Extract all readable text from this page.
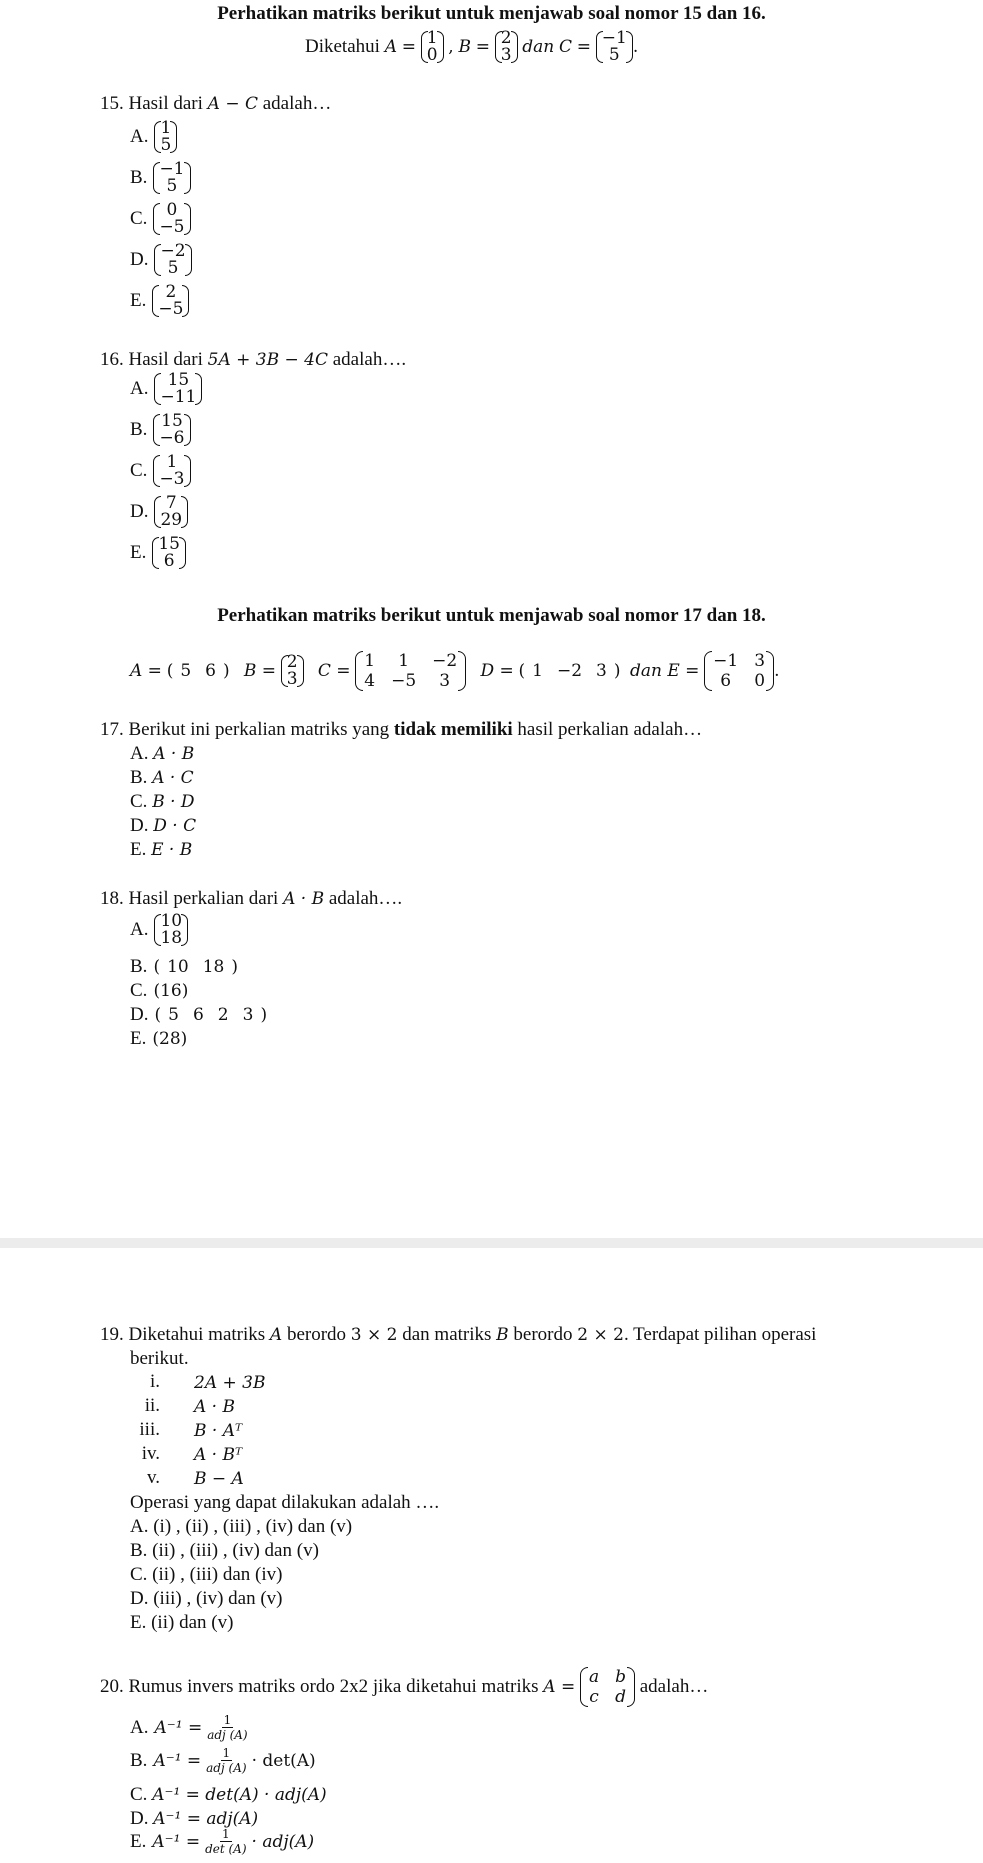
Perhatikan matriks berikut untuk menjawab soal nomor 15 dan 16.
Diketahui
A
=
1
0
,
B
=
2
3
dan
C
=
−1
5 .
15. Hasil dari A − C adalah…
A. 1
5
B. −1
5
C. 0
−5
D. −2
5
E. 2
−5
16. Hasil dari 5A + 3B − 4C adalah….
A. 15
−11
B. 15
−6
C. 1
−3
D. 7
29
E. 15
6
Perhatikan matriks berikut untuk menjawab soal nomor 17 dan 18.
A =
( 5 6 )
B =
2
3
C =
1	1	−2
4 −5	3
	D =
( 1 −2 3 )
dan E =
−1 3
6	0 .
17. Berikut ini perkalian matriks yang tidak memiliki hasil perkalian adalah…
A. A · B
B. A · C
C. B · D
D. D · C
E. E · B
18. Hasil perkalian dari A · B adalah….
A. 10
18
B. ( 10 18 )
C. ( 16 )
D. ( 5 6 2 3 )
E. ( 28 )
19. Diketahui matriks A berordo 3 × 2 dan matriks B berordo 2 × 2. Terdapat pilihan operasi
berikut.
i. 2A + 3B
ii. A · B
iii. B · Aᵀ
iv. A · Bᵀ
v. B − A
Operasi yang dapat dilakukan adalah ….
A. (i) , (ii) , (iii) , (iv) dan (v)
B. (ii) , (iii) , (iv) dan (v)
C. (ii) , (iii) dan (iv)
D. (iii) , (iv) dan (v)
E. (ii) dan (v)
20. Rumus invers matriks ordo 2x2 jika diketahui matriks
A =
a b
c d
adalah…
A. $A^{-1} = \frac{1}{\text{adj (A)}}$
B. $A^{-1} = \frac{1}{\text{adj (A)}} \cdot \det(A)$
C. A⁻¹ = det(A) · adj(A)
D. A⁻¹ = adj(A)
E. $A^{-1} = \frac{1}{\det (A)} \cdot adj(A)$
